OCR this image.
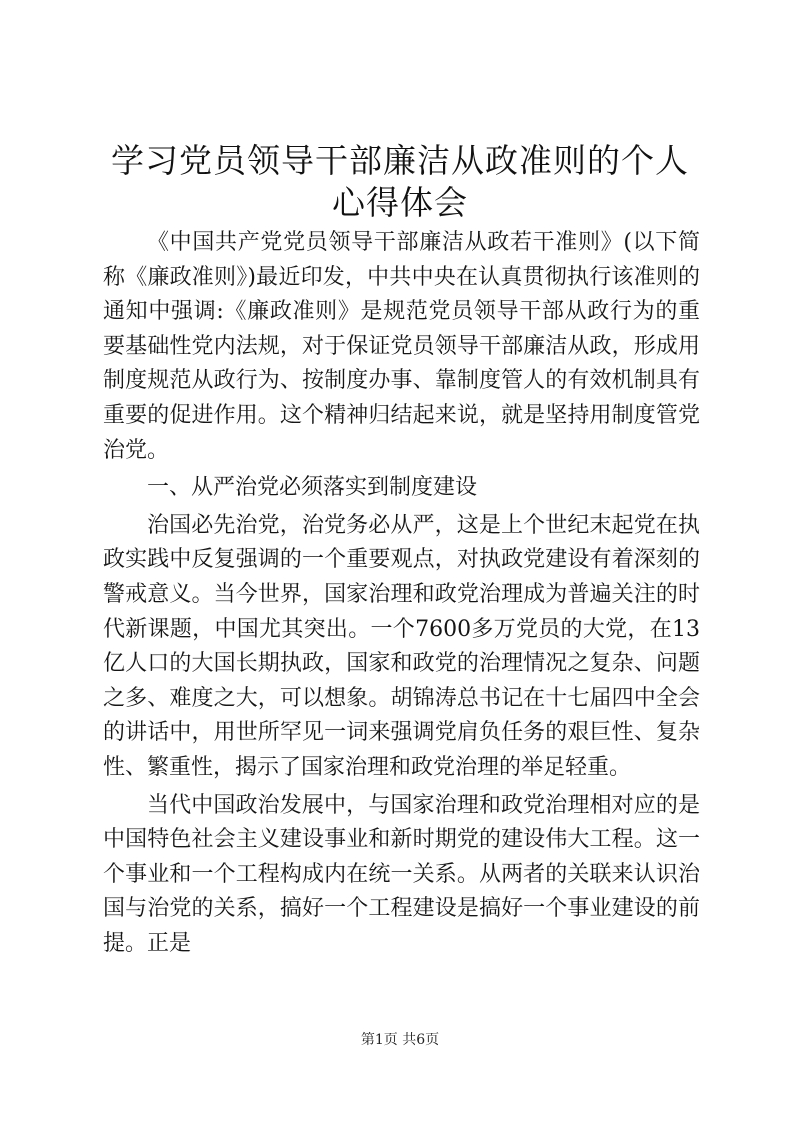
学习党员领导干部廉洁从政准则的个人心得体会

《中国共产党党员领导干部廉洁从政若干准则》(以下简称《廉政准则》)最近印发，中共中央在认真贯彻执行该准则的通知中强调:《廉政准则》是规范党员领导干部从政行为的重要基础性党内法规，对于保证党员领导干部廉洁从政，形成用制度规范从政行为、按制度办事、靠制度管人的有效机制具有重要的促进作用。这个精神归结起来说，就是坚持用制度管党治党。

一、从严治党必须落实到制度建设

治国必先治党，治党务必从严，这是上个世纪末起党在执政实践中反复强调的一个重要观点，对执政党建设有着深刻的警戒意义。当今世界，国家治理和政党治理成为普遍关注的时代新课题，中国尤其突出。一个7600多万党员的大党，在13亿人口的大国长期执政，国家和政党的治理情况之复杂、问题之多、难度之大，可以想象。胡锦涛总书记在十七届四中全会的讲话中，用世所罕见一词来强调党肩负任务的艰巨性、复杂性、繁重性，揭示了国家治理和政党治理的举足轻重。

当代中国政治发展中，与国家治理和政党治理相对应的是中国特色社会主义建设事业和新时期党的建设伟大工程。这一个事业和一个工程构成内在统一关系。从两者的关联来认识治国与治党的关系，搞好一个工程建设是搞好一个事业建设的前提。正是

第1页 共6页
